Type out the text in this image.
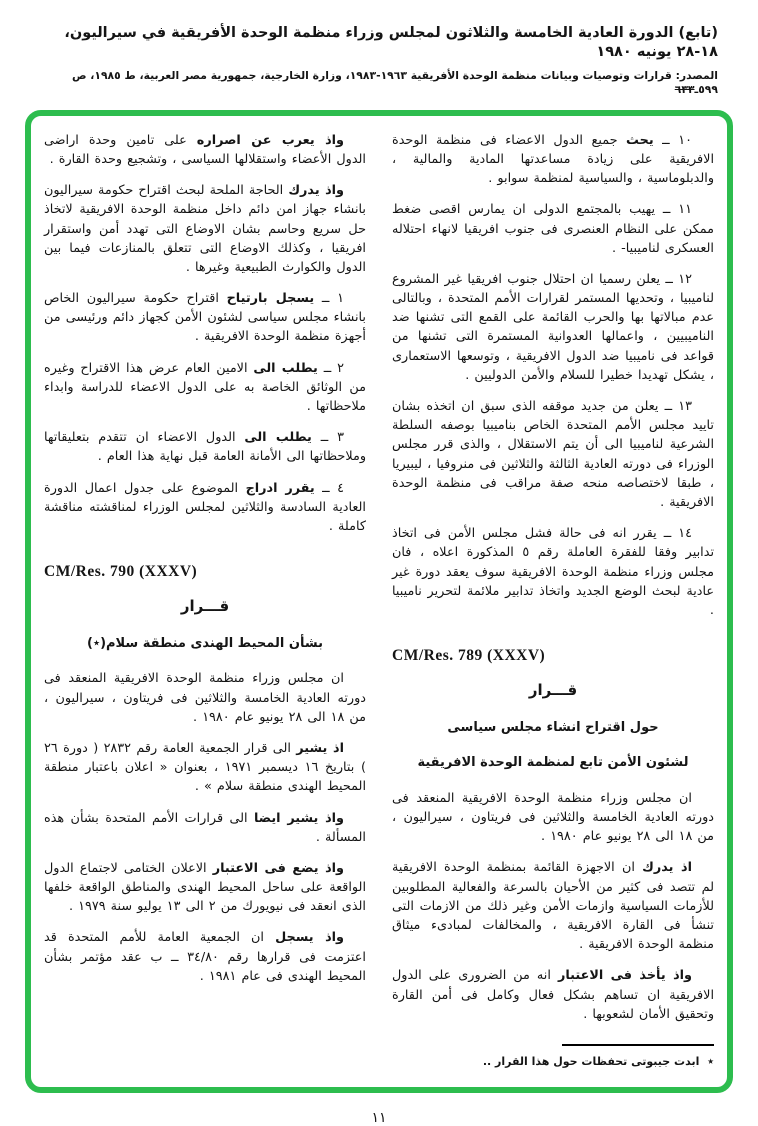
(تابع) الدورة العادية الخامسة والثلاثون لمجلس وزراء منظمة الوحدة الأفريقية في سيراليون، ١٨-٢٨ يونيه ١٩٨٠
المصدر: قرارات وتوصيات وبيانات منظمة الوحدة الأفريقية ١٩٦٣-١٩٨٣، وزارة الخارجية، جمهورية مصر العربية، ط ١٩٨٥، ص ٥٩٩ـ٦٣٣

١٠ ــ يحث جميع الدول الاعضاء فى منظمة الوحدة الافريقية على زيادة مساعدتها المادية والمالية ، والدبلوماسية ، والسياسية لمنظمة سوابو .

١١ ــ يهيب بالمجتمع الدولى ان يمارس اقصى ضغط ممكن على النظام العنصرى فى جنوب افريقيا لانهاء احتلاله العسكرى لناميبيا- .

١٢ ــ يعلن رسميا ان احتلال جنوب افريقيا غير المشروع لناميبيا ، وتحديها المستمر لقرارات الأمم المتحدة ، وبالتالى عدم مبالاتها بها والحرب القائمة على القمع التى تشنها ضد الناميبيين ، واعمالها العدوانية المستمرة التى تشنها من قواعد فى ناميبيا ضد الدول الافريقية ، وتوسعها الاستعمارى ، يشكل تهديدا خطيرا للسلام والأمن الدوليين .

١٣ ــ يعلن من جديد موقفه الذى سبق ان اتخذه بشان تاييد مجلس الأمم المتحدة الخاص بناميبيا بوصفه السلطة الشرعية لناميبيا الى أن يتم الاستقلال ، والذى قرر مجلس الوزراء فى دورته العادية الثالثة والثلاثين فى منروفيا ، ليبيريا ، طبقا لاختصاصه منحه صفة مراقب فى منظمة الوحدة الافريقية .

١٤ ــ يقرر انه فى حالة فشل مجلس الأمن فى اتخاذ تدابير وفقا للفقرة العاملة رقم ٥ المذكورة اعلاه ، فان مجلس وزراء منظمة الوحدة الافريقية سوف يعقد دورة غير عادية لبحث الوضع الجديد واتخاذ تدابير ملائمة لتحرير ناميبيا .

CM/Res. 789 (XXXV)
قـــرار
حول اقتراح انشاء مجلس سياسى
لشئون الأمن تابع لمنظمة الوحدة الافريقية

ان مجلس وزراء منظمة الوحدة الافريقية المنعقد فى دورته العادية الخامسة والثلاثين فى فريتاون ، سيراليون ، من ١٨ الى ٢٨ يونيو عام ١٩٨٠ .

اذ يدرك ان الاجهزة القائمة بمنظمة الوحدة الافريقية لم تتصد فى كثير من الأحيان بالسرعة والفعالية المطلوبين للأزمات السياسية وازمات الأمن وغير ذلك من الازمات التى تنشأ فى القارة الافريقية ، والمخالفات لمبادىء ميثاق منظمة الوحدة الافريقية .

واذ يأخذ فى الاعتبار انه من الضرورى على الدول الافريقية ان تساهم بشكل فعال وكامل فى أمن القارة وتحقيق الأمان لشعوبها .

٭ ابدت جيبوتى تحفظات حول هذا القرار ..

واذ يعرب عن اصراره على تامين وحدة اراضى الدول الأعضاء واستقلالها السياسى ، وتشجيع وحدة القارة .

واذ يدرك الحاجة الملحة لبحث اقتراح حكومة سيراليون بانشاء جهاز امن دائم داخل منظمة الوحدة الافريقية لاتخاذ حل سريع وحاسم بشان الاوضاع التى تهدد أمن واستقرار افريقيا ، وكذلك الاوضاع التى تتعلق بالمنازعات فيما بين الدول والكوارث الطبيعية وغيرها .

١ ــ يسجل بارتياح اقتراح حكومة سيراليون الخاص بانشاء مجلس سياسى لشئون الأمن كجهاز دائم ورئيسى من أجهزة منظمة الوحدة الافريقية .

٢ ــ يطلب الى الامين العام عرض هذا الاقتراح وغيره من الوثائق الخاصة به على الدول الاعضاء للدراسة وابداء ملاحظاتها .

٣ ــ يطلب الى الدول الاعضاء ان تتقدم بتعليقاتها وملاحظاتها الى الأمانة العامة قبل نهاية هذا العام .

٤ ــ يقرر ادراج الموضوع على جدول اعمال الدورة العادية السادسة والثلاثين لمجلس الوزراء لمناقشته مناقشة كاملة .

CM/Res. 790 (XXXV)
قـــرار
بشأن المحيط الهندى منطقة سلام(٭)

ان مجلس وزراء منظمة الوحدة الافريقية المنعقد فى دورته العادية الخامسة والثلاثين فى فريتاون ، سيراليون ، من ١٨ الى ٢٨ يونيو عام ١٩٨٠ .

اذ يشير الى قرار الجمعية العامة رقم ٢٨٣٢ ( دورة ٢٦ ) بتاريخ ١٦ ديسمبر ١٩٧١ ، بعنوان « اعلان باعتبار منطقة المحيط الهندى منطقة سلام » .

واذ يشير ايضا الى قرارات الأمم المتحدة بشأن هذه المسألة .

واذ يضع فى الاعتبار الاعلان الختامى لاجتماع الدول الواقعة على ساحل المحيط الهندى والمناطق الواقعة خلفها الذى انعقد فى نيويورك من ٢ الى ١٣ يوليو سنة ١٩٧٩ .

واذ يسجل ان الجمعية العامة للأمم المتحدة قد اعتزمت فى قرارها رقم ٣٤/٨٠ ــ ب عقد مؤتمر بشأن المحيط الهندى فى عام ١٩٨١ .

١١
